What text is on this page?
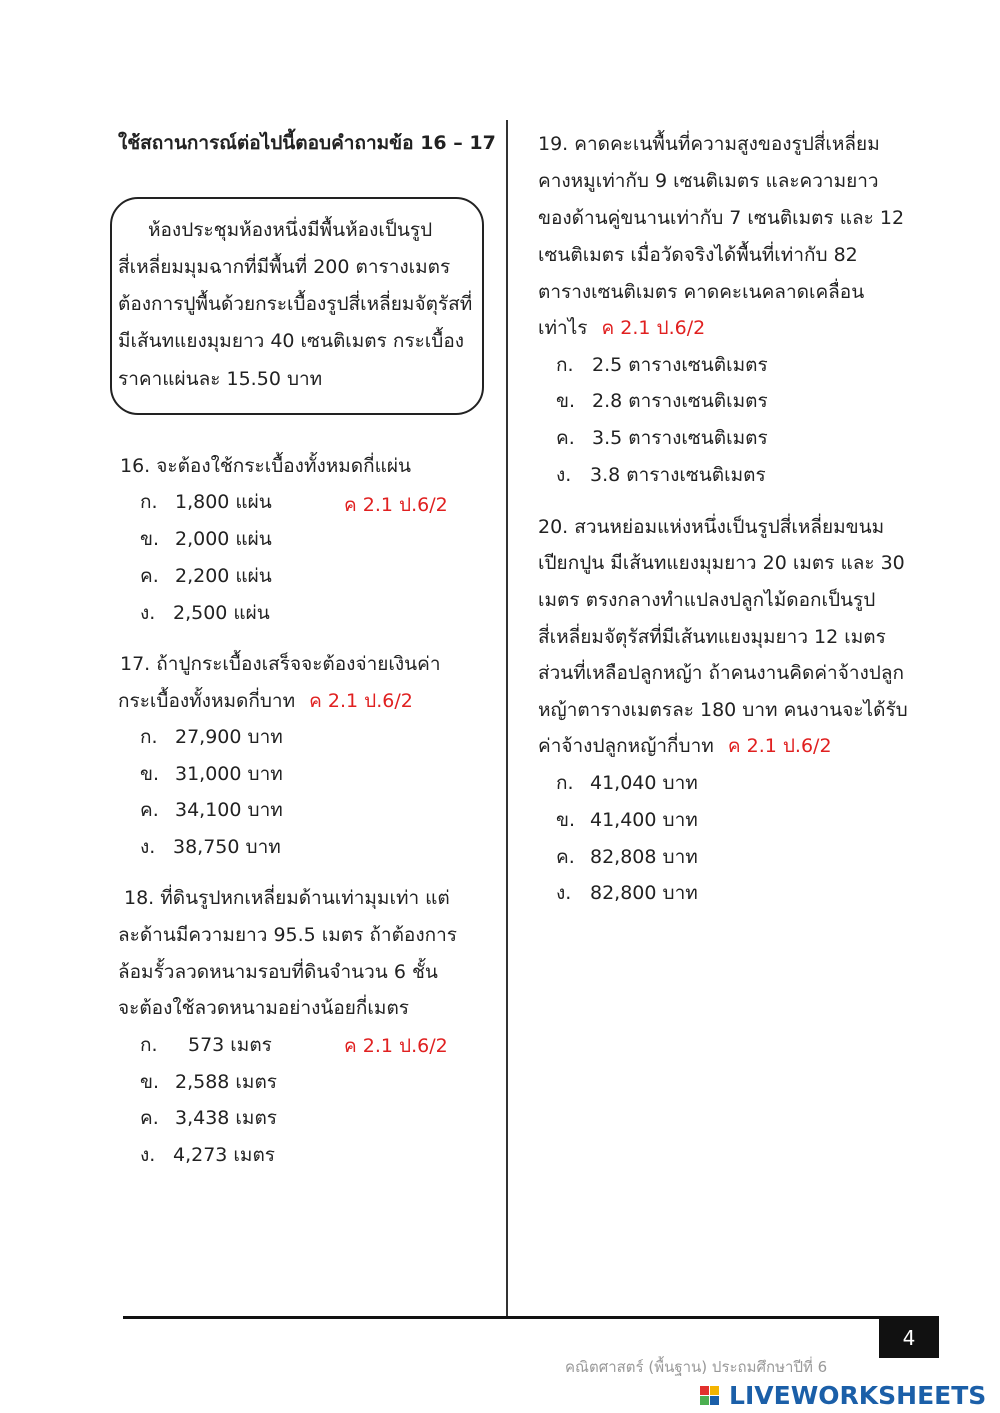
ใช้สถานการณ์ต่อไปนี้ตอบคำถามข้อ 16 – 17
ห้องประชุมห้องหนึ่งมีพื้นห้องเป็นรูป
สี่เหลี่ยมมุมฉากที่มีพื้นที่ 200 ตารางเมตร
ต้องการปูพื้นด้วยกระเบื้องรูปสี่เหลี่ยมจัตุรัสที่
มีเส้นทแยงมุมยาว 40 เซนติเมตร กระเบื้อง
ราคาแผ่นละ 15.50 บาท
16. จะต้องใช้กระเบื้องทั้งหมดกี่แผ่น
ค 2.1 ป.6/2
ก. 1,800 แผ่น
ข. 2,000 แผ่น
ค. 2,200 แผ่น
ง. 2,500 แผ่น
17. ถ้าปูกระเบื้องเสร็จจะต้องจ่ายเงินค่า
กระเบื้องทั้งหมดกี่บาท ค 2.1 ป.6/2
ก. 27,900 บาท
ข. 31,000 บาท
ค. 34,100 บาท
ง. 38,750 บาท
18. ที่ดินรูปหกเหลี่ยมด้านเท่ามุมเท่า แต่
ละด้านมีความยาว 95.5 เมตร ถ้าต้องการ
ล้อมรั้วลวดหนามรอบที่ดินจำนวน 6 ชั้น
จะต้องใช้ลวดหนามอย่างน้อยกี่เมตร
ค 2.1 ป.6/2
ก. 573 เมตร
ข. 2,588 เมตร
ค. 3,438 เมตร
ง. 4,273 เมตร
19. คาดคะเนพื้นที่ความสูงของรูปสี่เหลี่ยม
คางหมูเท่ากับ 9 เซนติเมตร และความยาว
ของด้านคู่ขนานเท่ากับ 7 เซนติเมตร และ 12
เซนติเมตร เมื่อวัดจริงได้พื้นที่เท่ากับ 82
ตารางเซนติเมตร คาดคะเนคลาดเคลื่อน
เท่าไร ค 2.1 ป.6/2
ก. 2.5 ตารางเซนติเมตร
ข. 2.8 ตารางเซนติเมตร
ค. 3.5 ตารางเซนติเมตร
ง. 3.8 ตารางเซนติเมตร
20. สวนหย่อมแห่งหนึ่งเป็นรูปสี่เหลี่ยมขนม
เปียกปูน มีเส้นทแยงมุมยาว 20 เมตร และ 30
เมตร ตรงกลางทำแปลงปลูกไม้ดอกเป็นรูป
สี่เหลี่ยมจัตุรัสที่มีเส้นทแยงมุมยาว 12 เมตร
ส่วนที่เหลือปลูกหญ้า ถ้าคนงานคิดค่าจ้างปลูก
หญ้าตารางเมตรละ 180 บาท คนงานจะได้รับ
ค่าจ้างปลูกหญ้ากี่บาท ค 2.1 ป.6/2
ก. 41,040 บาท
ข. 41,400 บาท
ค. 82,808 บาท
ง. 82,800 บาท
4
คณิตศาสตร์ (พื้นฐาน) ประถมศึกษาปีที่ 6
LIVEWORKSHEETS
